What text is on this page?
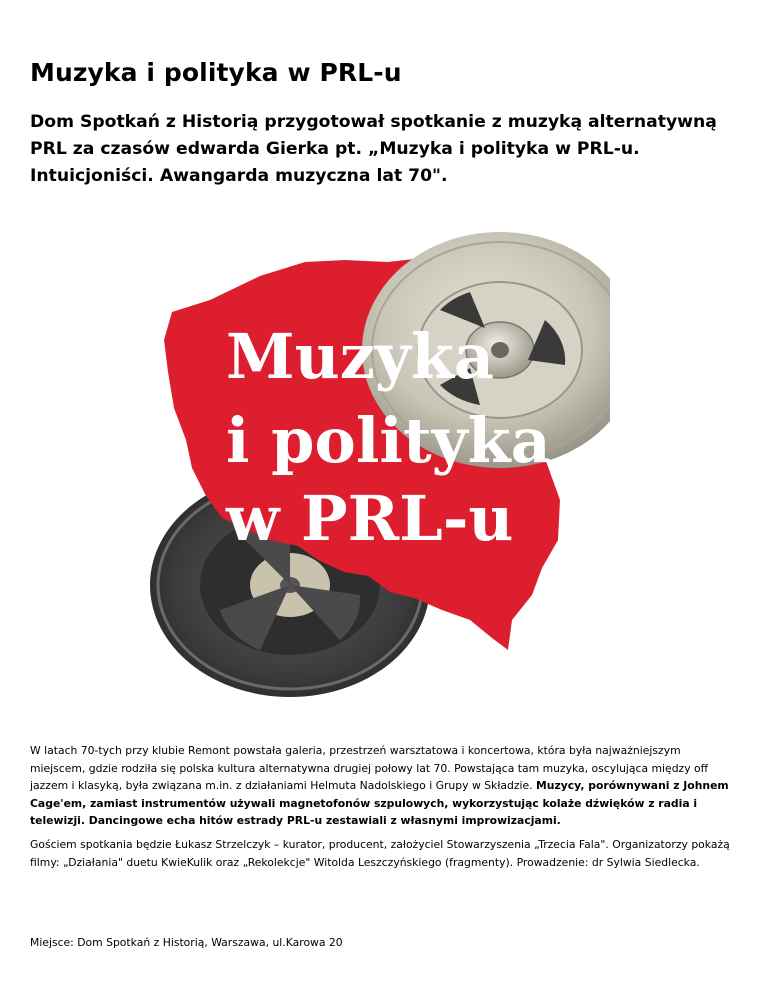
Muzyka i polityka w PRL-u

Dom Spotkań z Historią przygotował spotkanie z muzyką alternatywną PRL za czasów edwarda Gierka pt. „Muzyka i polityka w PRL-u. Intuicjoniści. Awangarda muzyczna lat 70".

Muzyka
i polityka
w PRL-u

W latach 70-tych przy klubie Remont powstała galeria, przestrzeń warsztatowa i koncertowa, która była najważniejszym miejscem, gdzie rodziła się polska kultura alternatywna drugiej połowy lat 70. Powstająca tam muzyka, oscylująca między off jazzem i klasyką, była związana m.in. z działaniami Helmuta Nadolskiego i Grupy w Składzie. Muzycy, porównywani z Johnem Cage'em, zamiast instrumentów używali magnetofonów szpulowych, wykorzystując kolaże dźwięków z radia i telewizji. Dancingowe echa hitów estrady PRL-u zestawiali z własnymi improwizacjami.

Gościem spotkania będzie Łukasz Strzelczyk – kurator, producent, założyciel Stowarzyszenia „Trzecia Fala". Organizatorzy pokażą filmy: „Działania" duetu KwieKulik oraz „Rekolekcje" Witolda Leszczyńskiego (fragmenty). Prowadzenie: dr Sylwia Siedlecka.

Miejsce: Dom Spotkań z Historią, Warszawa, ul.Karowa 20
